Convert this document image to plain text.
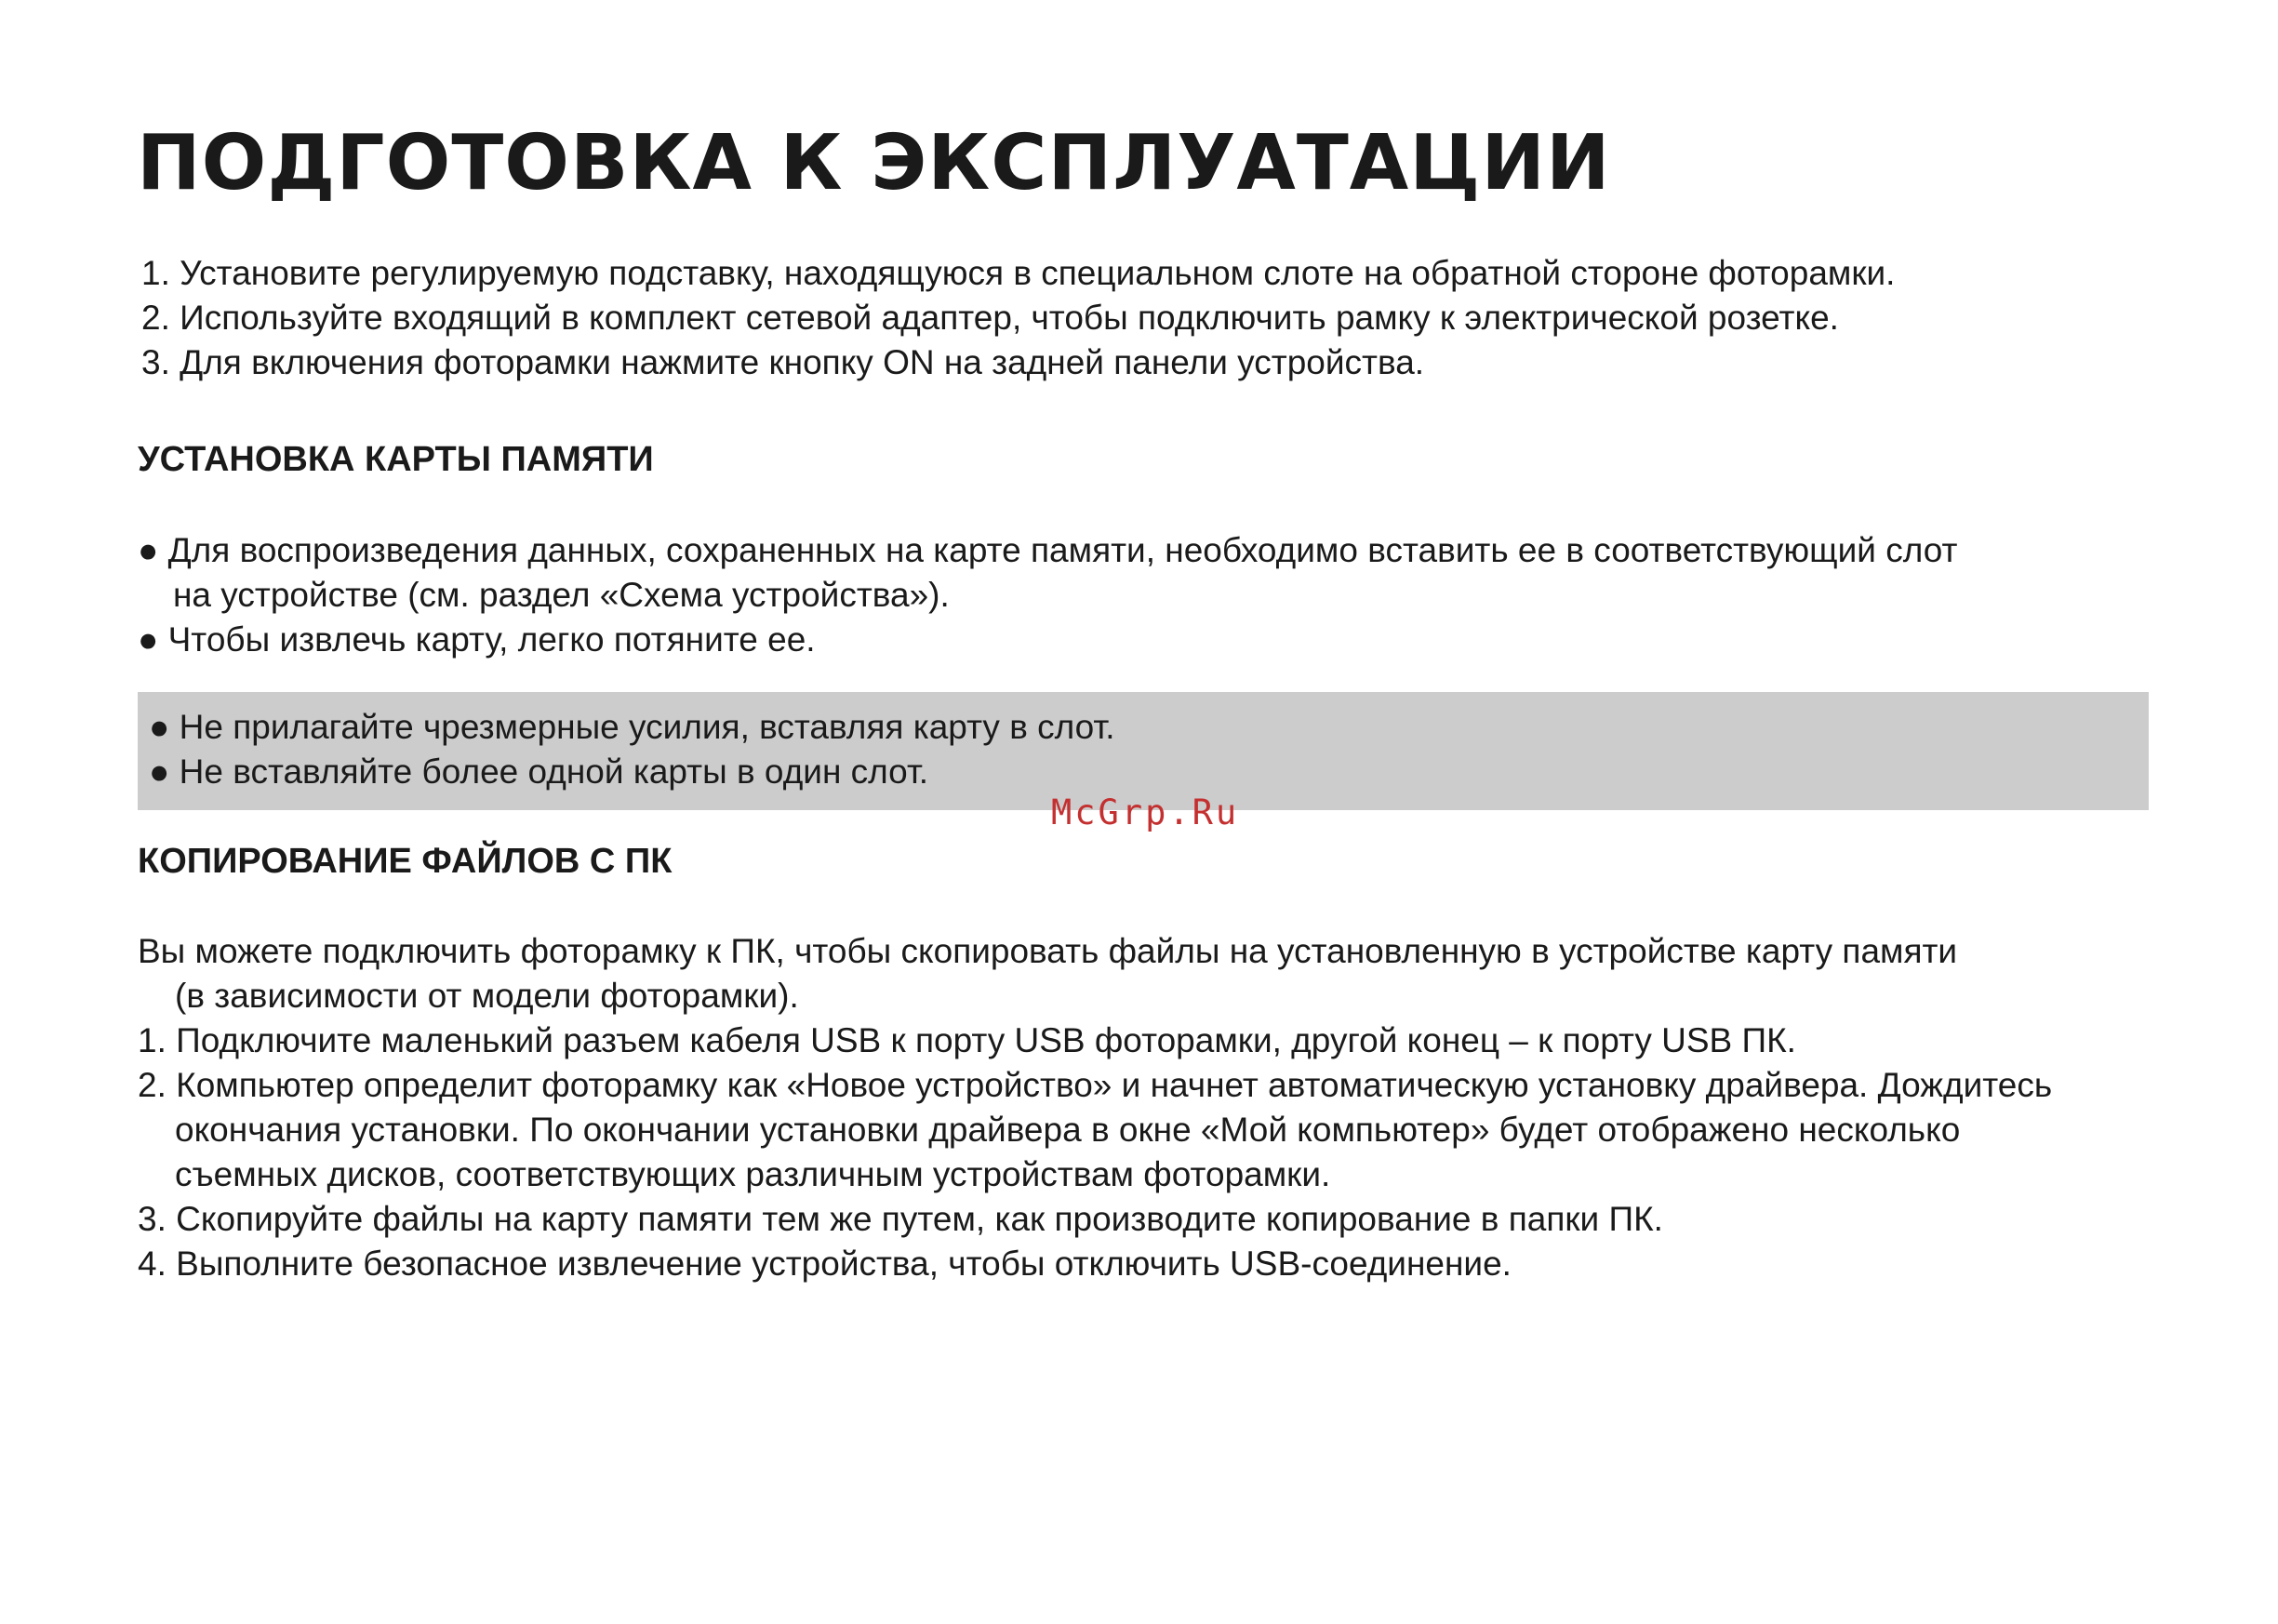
ПОДГОТОВКА К ЭКСПЛУАТАЦИИ

1. Установите регулируемую подставку, находящуюся в специальном слоте на обратной стороне фоторамки.

2. Используйте входящий в комплект сетевой адаптер, чтобы подключить рамку к электрической розетке.

3. Для включения фоторамки нажмите кнопку ON на задней панели устройства.

УСТАНОВКА КАРТЫ ПАМЯТИ

● Для воспроизведения данных, сохраненных на карте памяти, необходимо вставить ее в соответствующий слот

на устройстве (см. раздел «Схема устройства»).

● Чтобы извлечь карту, легко потяните ее.

● Не прилагайте чрезмерные усилия, вставляя карту в слот.

● Не вставляйте более одной карты в один слот.

McGrp.Ru
КОПИРОВАНИЕ ФАЙЛОВ С ПК

Вы можете подключить фоторамку к ПК, чтобы скопировать файлы на установленную в устройстве карту памяти

(в зависимости от модели фоторамки).

1. Подключите маленький разъем кабеля USB к порту USB фоторамки, другой конец – к порту USB ПК.

2. Компьютер определит фоторамку как «Новое устройство» и начнет автоматическую установку драйвера. Дождитесь

окончания установки. По окончании установки драйвера в окне «Мой компьютер» будет отображено несколько

съемных дисков, соответствующих различным устройствам фоторамки.

3. Скопируйте файлы на карту памяти тем же путем, как производите копирование в папки ПК.

4. Выполните безопасное извлечение устройства, чтобы отключить USB-соединение.
